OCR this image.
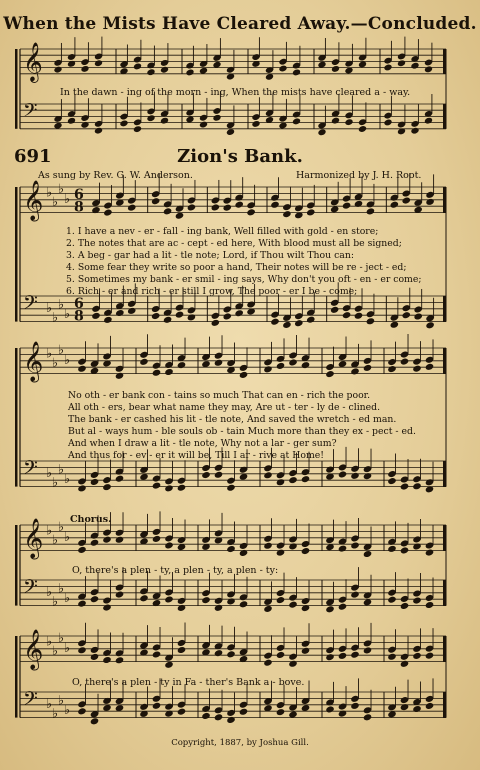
𝄞
𝄢
𝄞
𝄢
♭
♭
♭
♭
♭
♭
♭
♭
6
8
6
8
𝄞
𝄢
♭
♭
♭
♭
♭
♭
♭
♭
𝄞
𝄢
♭
♭
♭
♭
♭
♭
♭
♭
𝄞
𝄢
♭
♭
♭
♭
♭
♭
♭
♭
When the Mists Have Cleared Away.—Concluded.
In the dawn - ing of the morn - ing, When the mists have cleared a - way.
691	Zion's Bank.
As sung by Rev. G. W. Anderson.	Harmonized by J. H. Root.
1. I have a nev - er - fall - ing bank, Well filled with gold - en store;
2. The notes that are ac - cept - ed here, With blood must all be signed;
3. A beg - gar had a lit - tle note; Lord, if Thou wilt Thou can:
4. Some fear they write so poor a hand, Their notes will be re - ject - ed;
5. Sometimes my bank - er smil - ing says, Why don't you oft - en - er come;
6. Rich - er and rich - er still I grow, The poor - er I be - come;
No oth - er bank con - tains so much That can en - rich the poor.
All oth - ers, bear what name they may, Are ut - ter - ly de - clined.
The bank - er cashed his lit - tle note, And saved the wretch - ed man.
But al - ways hum - ble souls ob - tain Much more than they ex - pect - ed.
And when I draw a lit - tle note, Why not a lar - ger sum?
And thus for - ev - er it will be, Till I ar - rive at Home!
Chorus.
O, there's a plen - ty, a plen - ty, a plen - ty:
O, there's a plen - ty in Fa - ther's Bank a - bove.
Copyright, 1887, by Joshua Gill.
